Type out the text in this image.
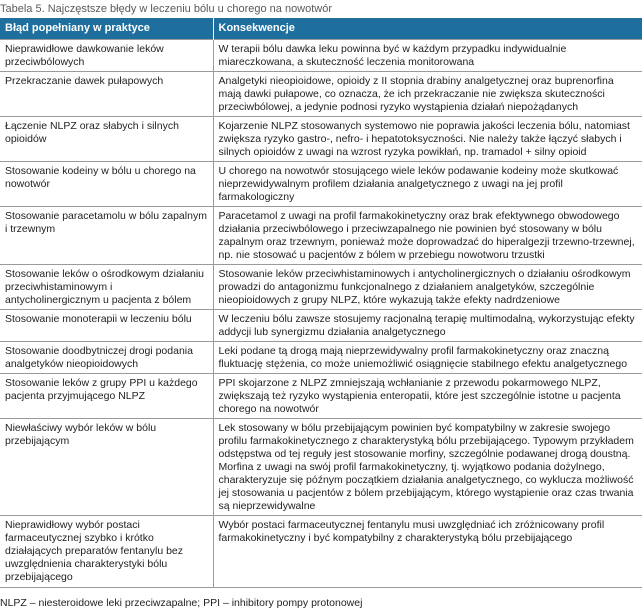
Tabela 5. Najczęstsze błędy w leczeniu bólu u chorego na nowotwór
Błąd popełniany w praktyce	Konsekwencje
Nieprawidłowe dawkowanie leków przeciwbólowych	W terapii bólu dawka leku powinna być w każdym przypadku indywidualnie miareczkowana, a skuteczność leczenia monitorowana
Przekraczanie dawek pułapowych	Analgetyki nieopioidowe, opioidy z II stopnia drabiny analgetycznej oraz buprenorfina mają dawki pułapowe, co oznacza, że ich przekraczanie nie zwiększa skuteczności przeciwbólowej, a jedynie podnosi ryzyko wystąpienia działań niepożądanych
Łączenie NLPZ oraz słabych i silnych opioidów	Kojarzenie NLPZ stosowanych systemowo nie poprawia jakości leczenia bólu, natomiast zwiększa ryzyko gastro-, nefro- i hepatotoksyczności. Nie należy także łączyć słabych i silnych opioidów z uwagi na wzrost ryzyka powikłań, np. tramadol + silny opioid
Stosowanie kodeiny w bólu u chorego na nowotwór	U chorego na nowotwór stosującego wiele leków podawanie kodeiny może skutkować nieprzewidywalnym profilem działania analgetycznego z uwagi na jej profil farmakologiczny
Stosowanie paracetamolu w bólu zapalnym i trzewnym	Paracetamol z uwagi na profil farmakokinetyczny oraz brak efektywnego obwodowego działania przeciwbólowego i przeciwzapalnego nie powinien być stosowany w bólu zapalnym oraz trzewnym, ponieważ może doprowadzać do hiperalgezji trzewno-trzewnej, np. nie stosować u pacjentów z bólem w przebiegu nowotworu trzustki
Stosowanie leków o ośrodkowym działaniu przeciwhistaminowym i antycholinergicznym u pacjenta z bólem	Stosowanie leków przeciwhistaminowych i antycholinergicznych o działaniu ośrodkowym prowadzi do antagonizmu funkcjonalnego z działaniem analgetyków, szczególnie nieopioidowych z grupy NLPZ, które wykazują także efekty nadrdzeniowe
Stosowanie monoterapii w leczeniu bólu	W leczeniu bólu zawsze stosujemy racjonalną terapię multimodalną, wykorzystując efekty addycji lub synergizmu działania analgetycznego
Stosowanie doodbytniczej drogi podania analgetyków nieopioidowych	Leki podane tą drogą mają nieprzewidywalny profil farmakokinetyczny oraz znaczną fluktuację stężenia, co może uniemożliwić osiągnięcie stabilnego efektu analgetycznego
Stosowanie leków z grupy PPI u każdego pacjenta przyjmującego NLPZ	PPI skojarzone z NLPZ zmniejszają wchłanianie z przewodu pokarmowego NLPZ, zwiększają też ryzyko wystąpienia enteropatii, które jest szczególnie istotne u pacjenta chorego na nowotwór
Niewłaściwy wybór leków w bólu przebijającym	Lek stosowany w bólu przebijającym powinien być kompatybilny w zakresie swojego profilu farmakokinetycznego z charakterystyką bólu przebijającego. Typowym przykładem odstępstwa od tej reguły jest stosowanie morfiny, szczególnie podawanej drogą doustną. Morfina z uwagi na swój profil farmakokinetyczny, tj. wyjątkowo podania dożylnego, charakteryzuje się późnym początkiem działania analgetycznego, co wyklucza możliwość jej stosowania u pacjentów z bólem przebijającym, którego wystąpienie oraz czas trwania są nieprzewidywalne
Nieprawidłowy wybór postaci farmaceutycznej szybko i krótko działających preparatów fentanylu bez uwzględnienia charakterystyki bólu przebijającego	Wybór postaci farmaceutycznej fentanylu musi uwzględniać ich zróżnicowany profil farmakokinetyczny i być kompatybilny z charakterystyką bólu przebijającego
NLPZ – niesteroidowe leki przeciwzapalne; PPI – inhibitory pompy protonowej
